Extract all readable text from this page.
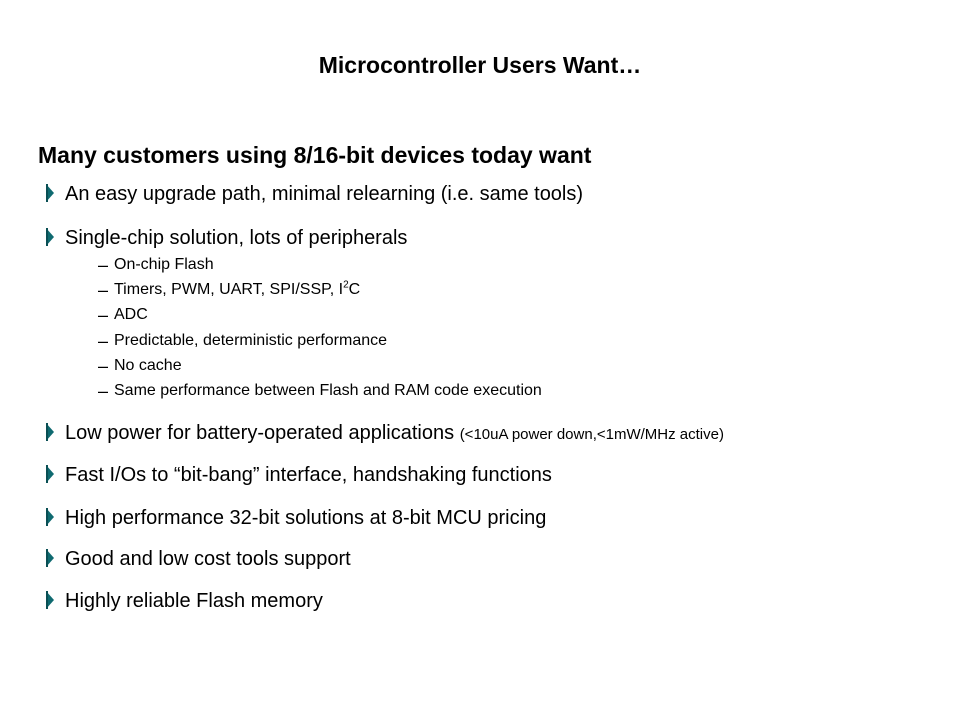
Microcontroller Users Want…
Many customers using 8/16-bit devices today want
An easy upgrade path, minimal relearning (i.e. same tools)
Single-chip solution, lots of peripherals
– On-chip Flash
– Timers, PWM, UART, SPI/SSP, $I^2C$
– ADC
– Predictable, deterministic performance
– No cache
– Same performance between Flash and RAM code execution
Low power for battery-operated applications (<10uA power down,<1mW/MHz active)
Fast I/Os to “bit-bang” interface, handshaking functions
High performance 32-bit solutions at 8-bit MCU pricing
Good and low cost tools support
Highly reliable Flash memory
